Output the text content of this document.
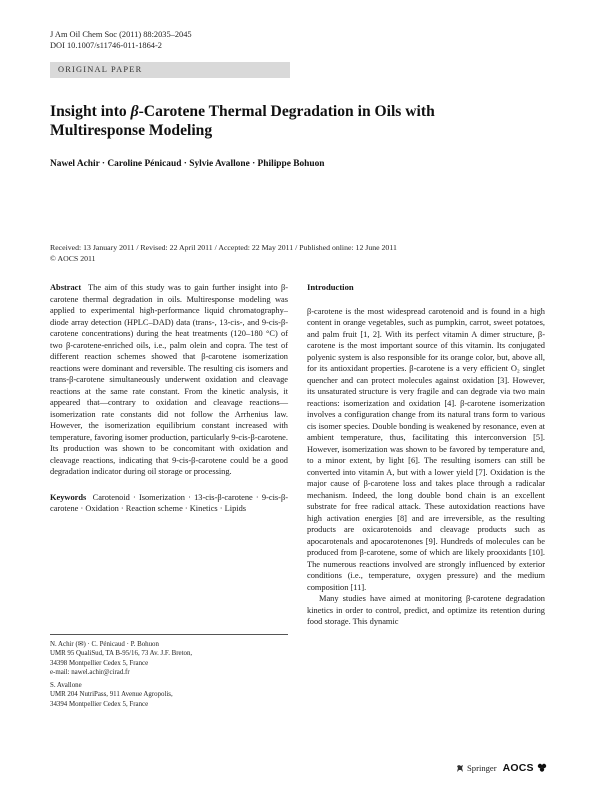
J Am Oil Chem Soc (2011) 88:2035–2045
DOI 10.1007/s11746-011-1864-2
ORIGINAL PAPER
Insight into β-Carotene Thermal Degradation in Oils with Multiresponse Modeling
Nawel Achir · Caroline Pénicaud · Sylvie Avallone · Philippe Bohuon
Received: 13 January 2011 / Revised: 22 April 2011 / Accepted: 22 May 2011 / Published online: 12 June 2011
© AOCS 2011

Abstract The aim of this study was to gain further insight into β-carotene thermal degradation in oils. Multiresponse modeling was applied to experimental high-performance liquid chromatography–diode array detection (HPLC–DAD) data (trans-, 13-cis-, and 9-cis-β-carotene concentrations) during the heat treatments (120–180 °C) of two β-carotene-enriched oils, i.e., palm olein and copra. The test of different reaction schemes showed that β-carotene isomerization reactions were dominant and reversible. The resulting cis isomers and trans-β-carotene simultaneously underwent oxidation and cleavage reactions at the same rate constant. From the kinetic analysis, it appeared that—contrary to oxidation and cleavage reactions—isomerization rate constants did not follow the Arrhenius law. However, the isomerization equilibrium constant increased with temperature, favoring isomer production, particularly 9-cis-β-carotene. Its production was shown to be concomitant with oxidation and cleavage reactions, indicating that 9-cis-β-carotene could be a good degradation indicator during oil storage or processing.

Keywords Carotenoid · Isomerization · 13-cis-β-carotene · 9-cis-β-carotene · Oxidation · Reaction scheme · Kinetics · Lipids

N. Achir (✉) · C. Pénicaud · P. Bohuon
UMR 95 QualiSud, TA B-95/16, 73 Av. J.F. Breton,
34398 Montpellier Cedex 5, France
e-mail: nawel.achir@cirad.fr

S. Avallone
UMR 204 NutriPass, 911 Avenue Agropolis,
34394 Montpellier Cedex 5, France

Introduction

β-carotene is the most widespread carotenoid and is found in a high content in orange vegetables, such as pumpkin, carrot, sweet potatoes, and palm fruit [1, 2]. With its perfect vitamin A dimer structure, β-carotene is the most important source of this vitamin. Its conjugated polyenic system is also responsible for its orange color, but, above all, for its antioxidant properties. β-carotene is a very efficient O₂ singlet quencher and can protect molecules against oxidation [3]. However, its unsaturated structure is very fragile and can degrade via two main reactions: isomerization and oxidation [4]. β-carotene isomerization involves a configuration change from its natural trans form to various cis isomer species. Double bonding is weakened by resonance, even at ambient temperature, thus, facilitating this interconversion [5]. However, isomerization was shown to be favored by temperature and, to a minor extent, by light [6]. The resulting isomers can still be converted into vitamin A, but with a lower yield [7]. Oxidation is the major cause of β-carotene loss and takes place through a radicalar mechanism. Indeed, the long double bond chain is an excellent substrate for free radical attack. These autoxidation reactions have high activation energies [8] and are irreversible, as the resulting products are oxicarotenoids and cleavage products such as apocarotenals and apocarotenones [9]. Hundreds of molecules can be produced from β-carotene, some of which are likely prooxidants [10]. The numerous reactions involved are strongly influenced by exterior conditions (i.e., temperature, oxygen pressure) and the medium composition [11].

Many studies have aimed at monitoring β-carotene degradation kinetics in order to control, predict, and optimize its retention during food storage. This dynamic

Springer AOCS
